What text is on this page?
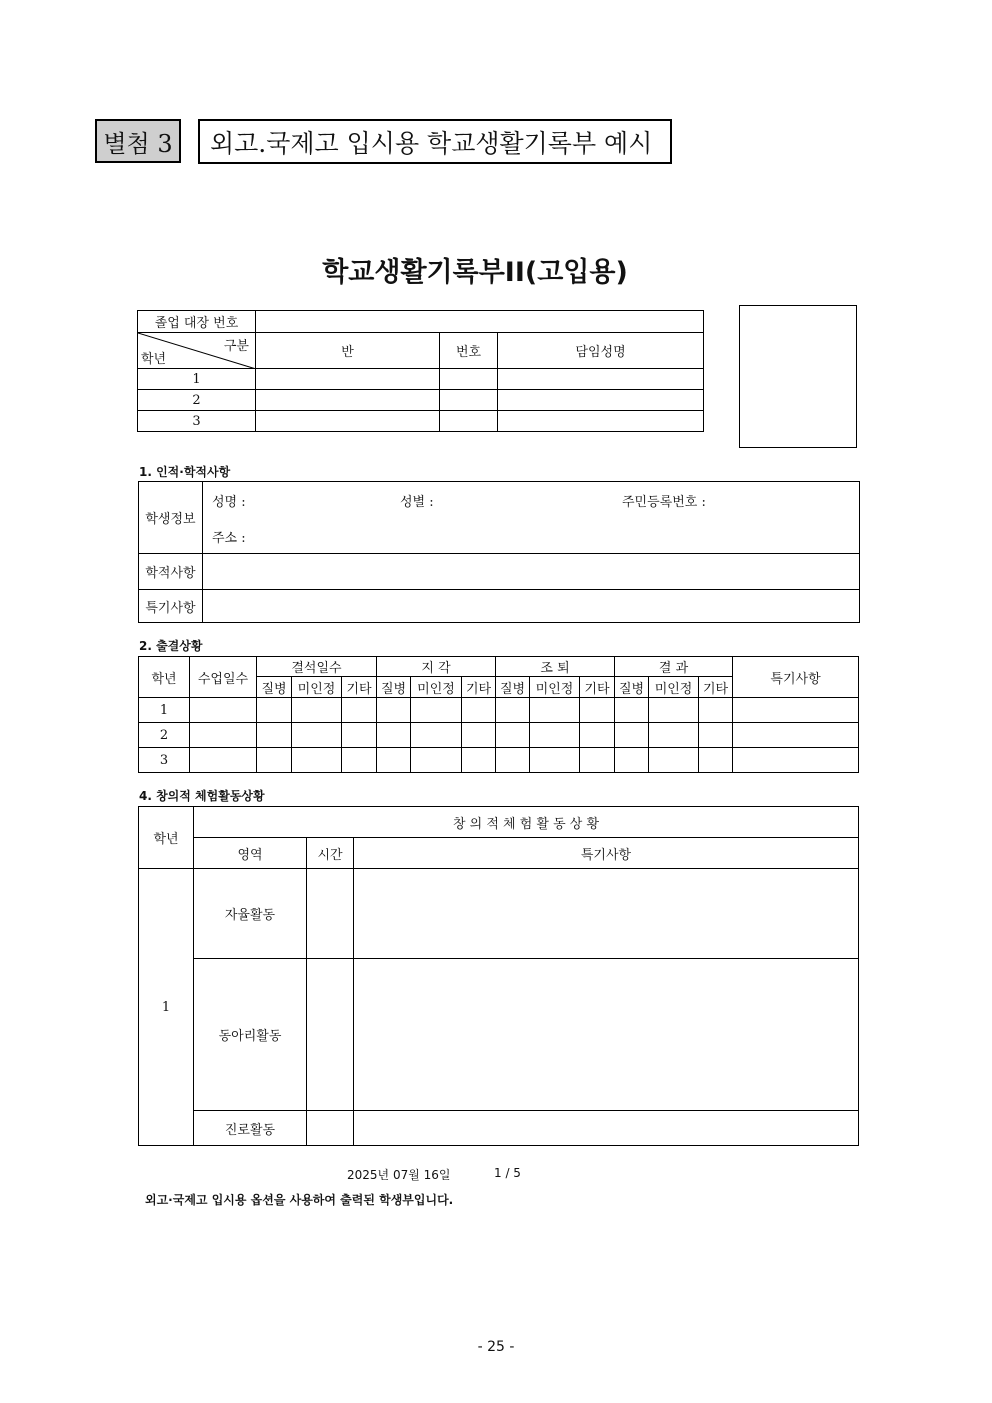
별첨 3	외고.국제고 입시용 학교생활기록부 예시
학교생활기록부II(고입용)
졸업 대장 번호			

구분
학년	반	번호	담임성명
1			
2			
3			
1. 인적·학적사항
학생정보	성명 : 성별 : 주민등록번호 :
주소 :

학적사항	
특기사항	
2. 출결상황
학년	수업일수	결석일수			지 각			조 퇴			결 과			특기사항
		질병	미인정	기타	질병	미인정	기타	질병	미인정	기타	질병	미인정	기타	
1														
2														
3														
4. 창의적 체험활동상황
학년	창 의 적 체 험 활 동 상 황		
	영역	시간	특기사항
1	자율활동		
	동아리활동		
	진로활동		
2025년 07월 16일	1 / 5
외고·국제고 입시용 옵션을 사용하여 출력된 학생부입니다.
- 25 -
